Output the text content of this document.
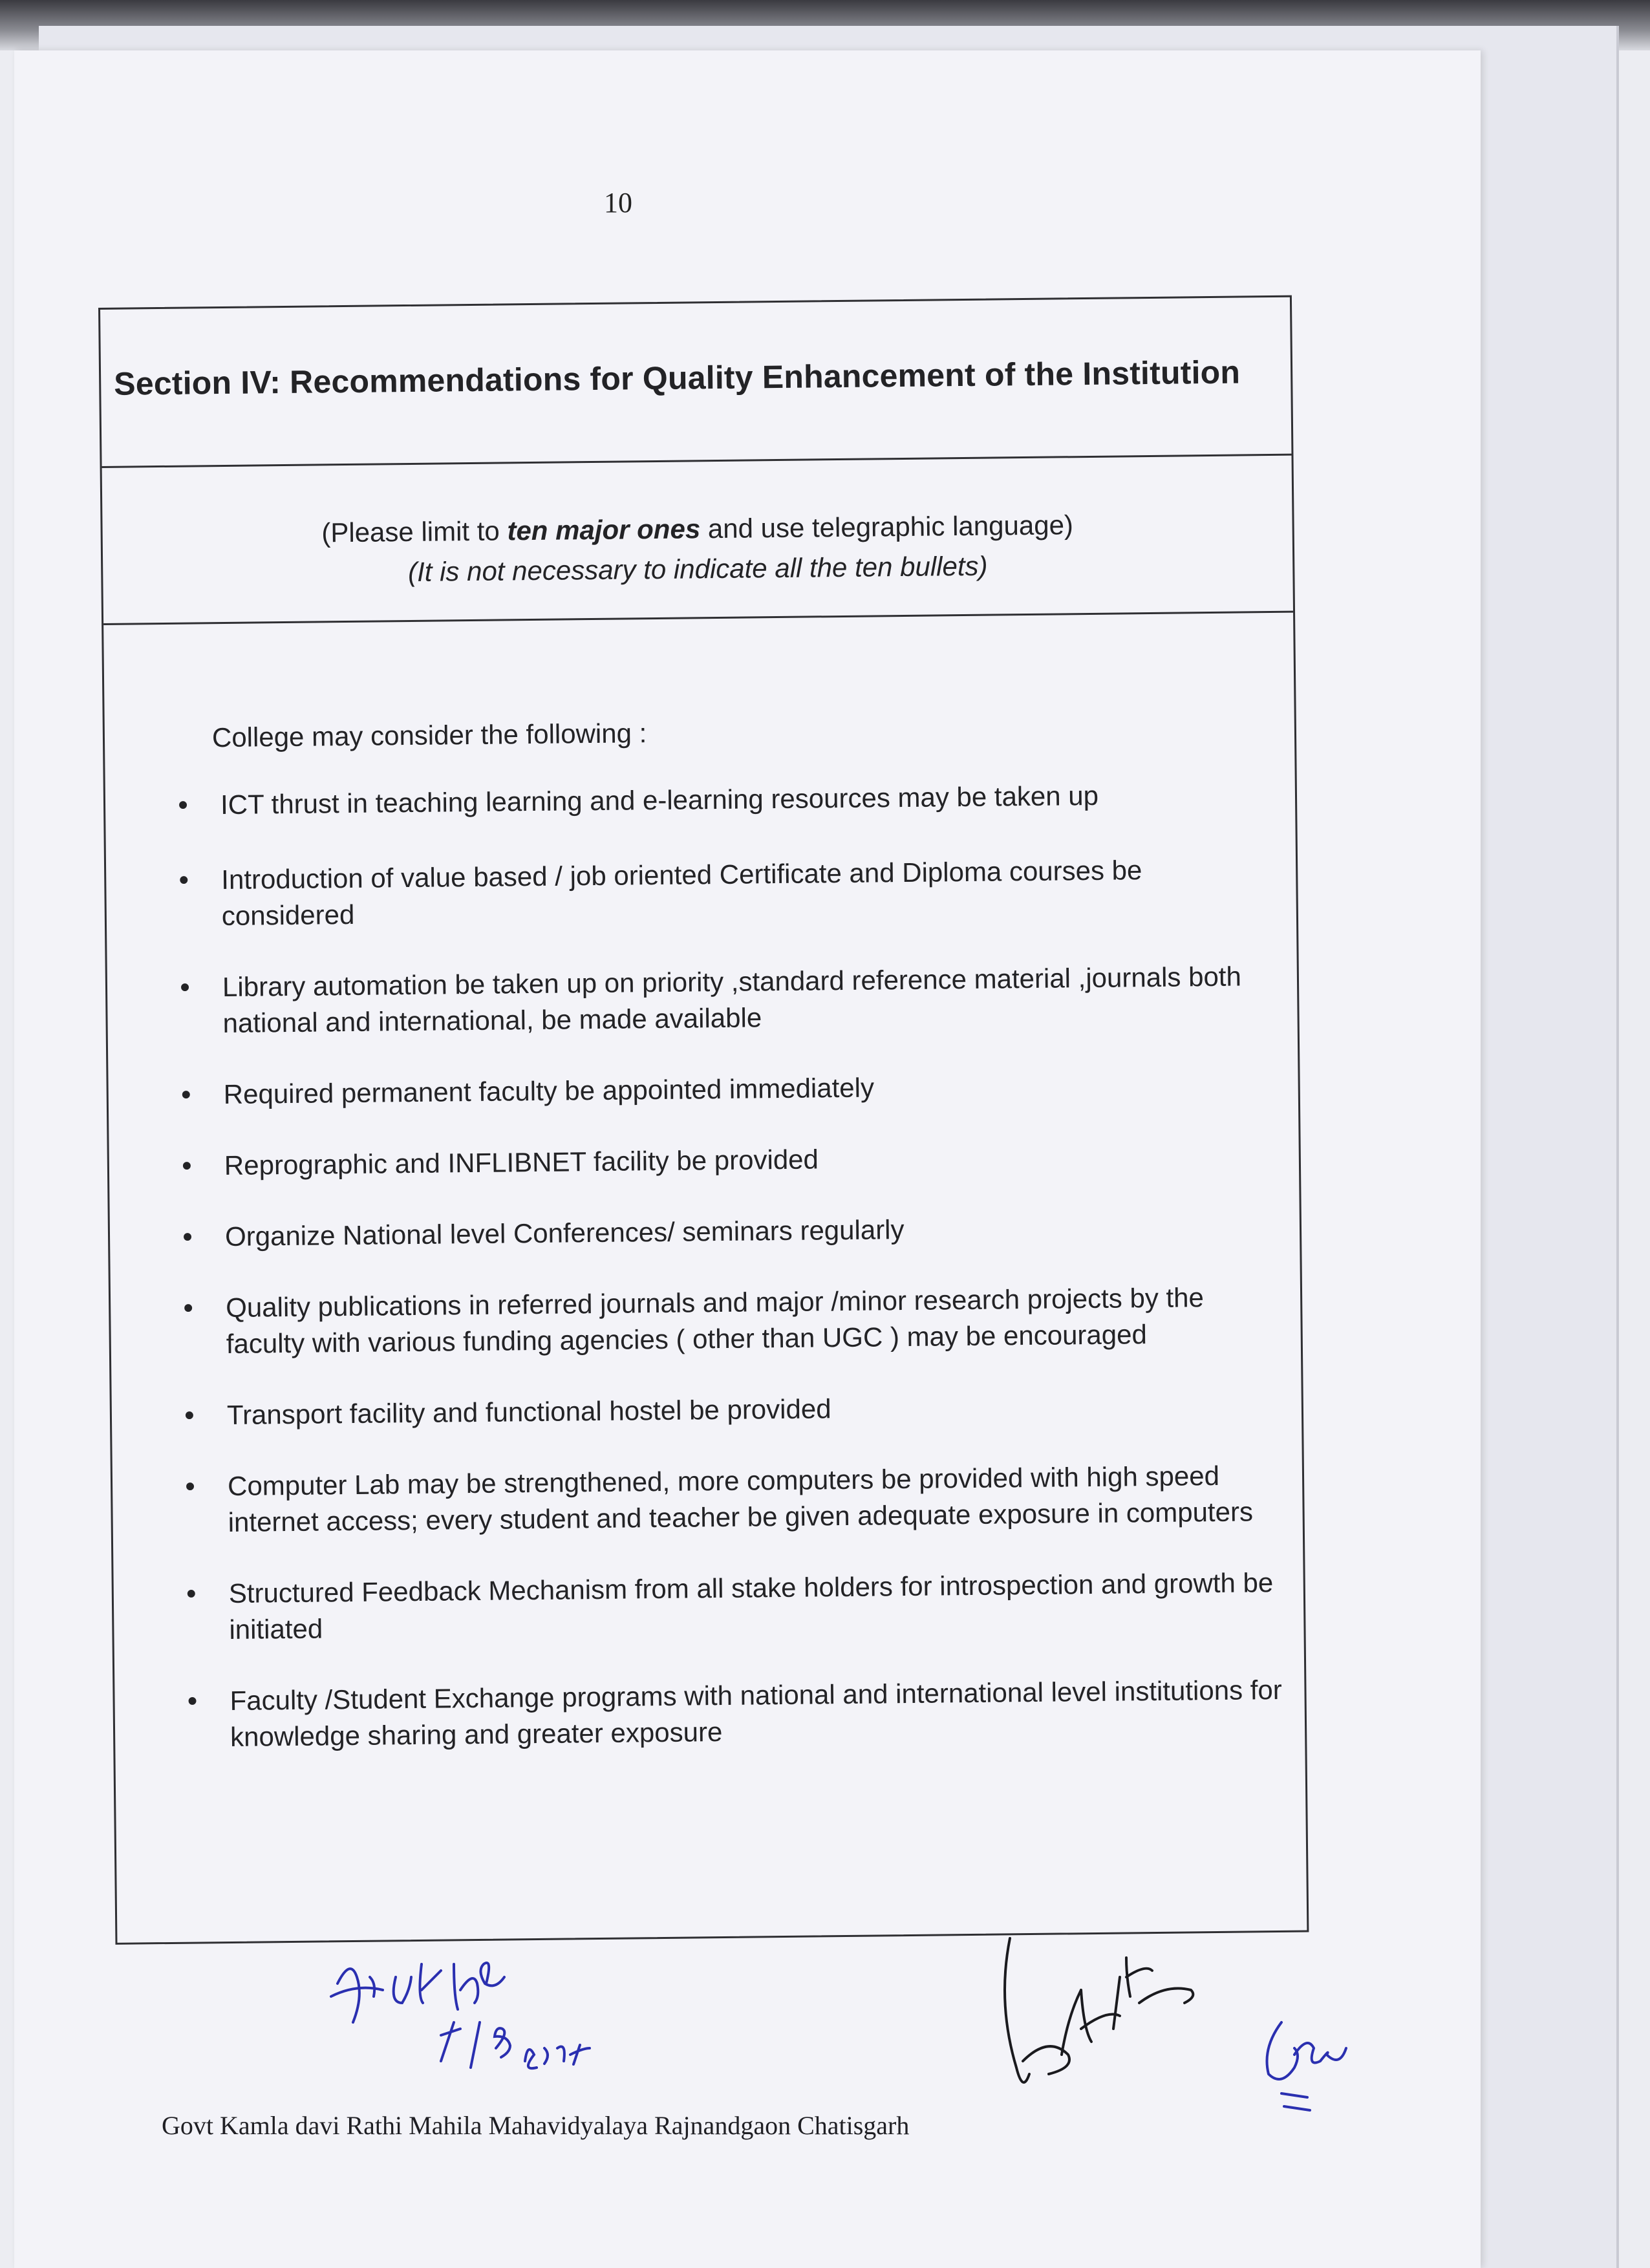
10
Section IV: Recommendations for Quality Enhancement of the Institution
(Please limit to ten major ones and use telegraphic language)
(It is not necessary to indicate all the ten bullets)
College may consider the following :
•	ICT thrust in teaching learning and e-learning resources may be taken up
•	Introduction of value based / job oriented Certificate and Diploma courses be considered
•	Library automation be taken up on priority ,standard reference material ,journals both national and international, be made available
•	Required permanent faculty be appointed immediately
•	Reprographic and INFLIBNET facility be provided
•	Organize National level Conferences/ seminars regularly
•	Quality publications in referred journals and major /minor research projects by the faculty with various funding agencies ( other than UGC ) may be encouraged
•	Transport facility and functional hostel be provided
•	Computer Lab may be strengthened, more computers be provided with high speed internet access; every student and teacher be given adequate exposure in computers
•	Structured Feedback Mechanism from all stake holders for introspection and growth be initiated
•	Faculty /Student Exchange programs with national and international level institutions for knowledge sharing and greater exposure
Govt Kamla davi Rathi Mahila Mahavidyalaya Rajnandgaon Chatisgarh
